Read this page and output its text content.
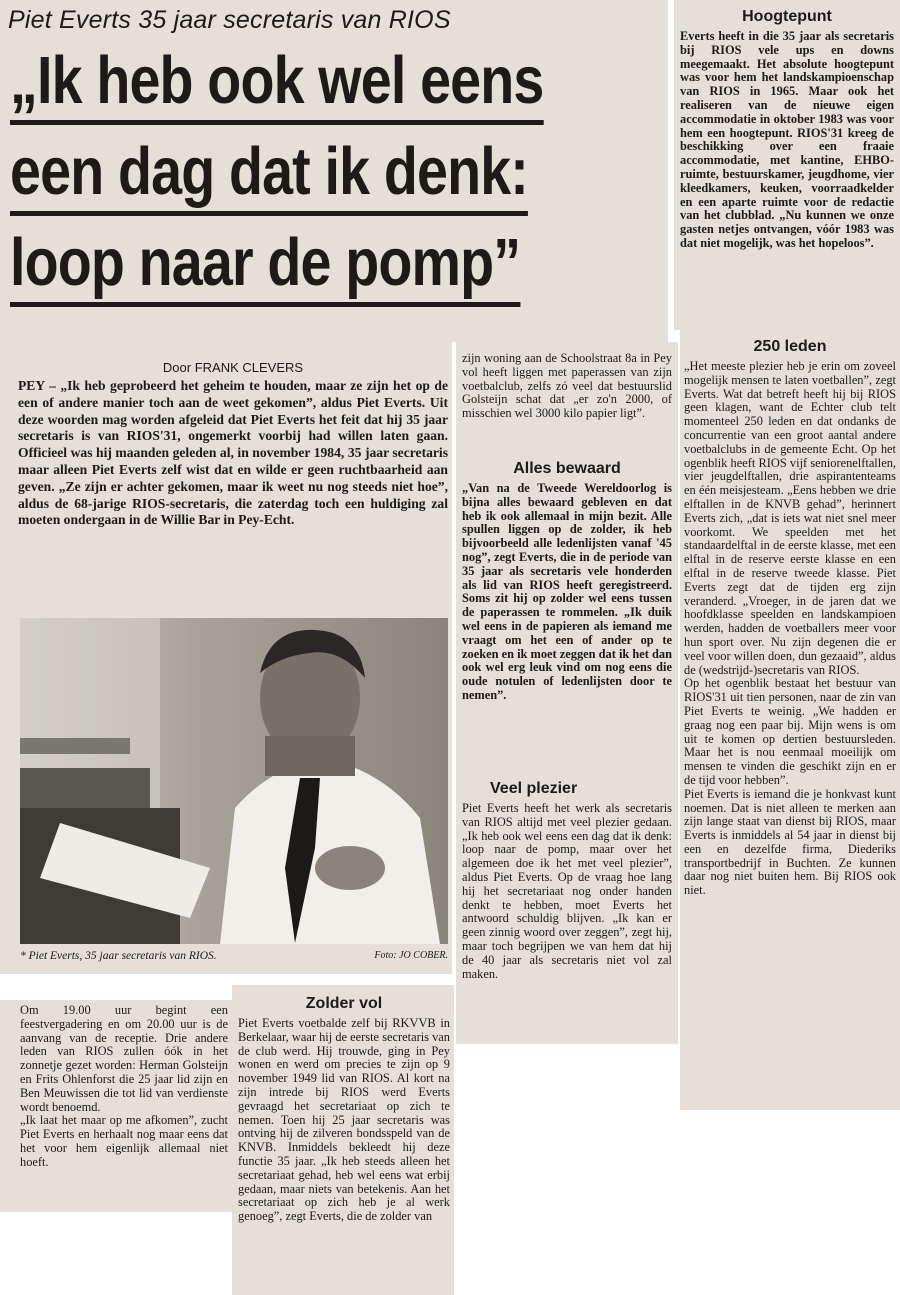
Piet Everts 35 jaar secretaris van RIOS

„Ik heb ook wel eens
een dag dat ik denk:
loop naar de pomp”

Door FRANK CLEVERS

PEY – „Ik heb geprobeerd het geheim te houden, maar ze zijn het op de een of andere manier toch aan de weet gekomen”, aldus Piet Everts. Uit deze woorden mag worden afgeleid dat Piet Everts het feit dat hij 35 jaar secretaris is van RIOS'31, ongemerkt voorbij had willen laten gaan. Officieel was hij maanden geleden al, in november 1984, 35 jaar secretaris maar alleen Piet Everts zelf wist dat en wilde er geen ruchtbaarheid aan geven. „Ze zijn er achter gekomen, maar ik weet nu nog steeds niet hoe”, aldus de 68-jarige RIOS-secretaris, die zaterdag toch een huldiging zal moeten ondergaan in de Willie Bar in Pey-Echt.

* Piet Everts, 35 jaar secretaris van RIOS.	Foto: JO COBER.

Om 19.00 uur begint een feestvergadering en om 20.00 uur is de aanvang van de receptie. Drie andere leden van RIOS zullen óók in het zonnetje gezet worden: Herman Golsteijn en Frits Ohlenforst die 25 jaar lid zijn en Ben Meuwissen die tot lid van verdienste wordt benoemd.

„Ik laat het maar op me afkomen”, zucht Piet Everts en herhaalt nog maar eens dat het voor hem eigenlijk allemaal niet hoeft.

Zolder vol

Piet Everts voetbalde zelf bij RKVVB in Berkelaar, waar hij de eerste secretaris van de club werd. Hij trouwde, ging in Pey wonen en werd om precies te zijn op 9 november 1949 lid van RIOS. Al kort na zijn intrede bij RIOS werd Everts gevraagd het secretariaat op zich te nemen. Toen hij 25 jaar secretaris was ontving hij de zilveren bondsspeld van de KNVB. Inmiddels bekleedt hij deze functie 35 jaar. „Ik heb steeds alleen het secretariaat gehad, heb wel eens wat erbij gedaan, maar niets van betekenis. Aan het secretariaat op zich heb je al werk genoeg”, zegt Everts, die de zolder van

zijn woning aan de Schoolstraat 8a in Pey vol heeft liggen met paperassen van zijn voetbalclub, zelfs zó veel dat bestuurslid Golsteijn schat dat „er zo'n 2000, of misschien wel 3000 kilo papier ligt”.

Alles bewaard

„Van na de Tweede Wereldoorlog is bijna alles bewaard gebleven en dat heb ik ook allemaal in mijn bezit. Alle spullen liggen op de zolder, ik heb bijvoorbeeld alle ledenlijsten vanaf '45 nog”, zegt Everts, die in de periode van 35 jaar als secretaris vele honderden als lid van RIOS heeft geregistreerd. Soms zit hij op zolder wel eens tussen de paperassen te rommelen. „Ik duik wel eens in de papieren als iemand me vraagt om het een of ander op te zoeken en ik moet zeggen dat ik het dan ook wel erg leuk vind om nog eens die oude notulen of ledenlijsten door te nemen”.

Veel plezier

Piet Everts heeft het werk als secretaris van RIOS altijd met veel plezier gedaan. „Ik heb ook wel eens een dag dat ik denk: loop naar de pomp, maar over het algemeen doe ik het met veel plezier”, aldus Piet Everts. Op de vraag hoe lang hij het secretariaat nog onder handen denkt te hebben, moet Everts het antwoord schuldig blijven. „Ik kan er geen zinnig woord over zeggen”, zegt hij, maar toch begrijpen we van hem dat hij de 40 jaar als secretaris niet vol zal maken.

Hoogtepunt

Everts heeft in die 35 jaar als secretaris bij RIOS vele ups en downs meegemaakt. Het absolute hoogtepunt was voor hem het landskampioenschap van RIOS in 1965. Maar ook het realiseren van de nieuwe eigen accommodatie in oktober 1983 was voor hem een hoogtepunt. RIOS'31 kreeg de beschikking over een fraaie accommodatie, met kantine, EHBO-ruimte, bestuurskamer, jeugdhome, vier kleedkamers, keuken, voorraadkelder en een aparte ruimte voor de redactie van het clubblad. „Nu kunnen we onze gasten netjes ontvangen, vóór 1983 was dat niet mogelijk, was het hopeloos”.

250 leden

„Het meeste plezier heb je erin om zoveel mogelijk mensen te laten voetballen”, zegt Everts. Wat dat betreft heeft hij bij RIOS geen klagen, want de Echter club telt momenteel 250 leden en dat ondanks de concurrentie van een groot aantal andere voetbalclubs in de gemeente Echt. Op het ogenblik heeft RIOS vijf seniorenelftallen, vier jeugdelftallen, drie aspirantenteams en één meisjesteam. „Eens hebben we drie elftallen in de KNVB gehad”, herinnert Everts zich, „dat is iets wat niet snel meer voorkomt. We speelden met het standaardelftal in de eerste klasse, met een elftal in de reserve eerste klasse en een elftal in de reserve tweede klasse. Piet Everts zegt dat de tijden erg zijn veranderd. „Vroeger, in de jaren dat we hoofdklasse speelden en landskampioen werden, hadden de voetballers meer voor hun sport over. Nu zijn degenen die er veel voor willen doen, dun gezaaid”, aldus de (wedstrijd-)secretaris van RIOS.

Op het ogenblik bestaat het bestuur van RIOS'31 uit tien personen, naar de zin van Piet Everts te weinig. „We hadden er graag nog een paar bij. Mijn wens is om uit te komen op dertien bestuursleden. Maar het is nou eenmaal moeilijk om mensen te vinden die geschikt zijn en er de tijd voor hebben”.

Piet Everts is iemand die je honkvast kunt noemen. Dat is niet alleen te merken aan zijn lange staat van dienst bij RIOS, maar Everts is inmiddels al 54 jaar in dienst bij een en dezelfde firma, Diederiks transportbedrijf in Buchten. Ze kunnen daar nog niet buiten hem. Bij RIOS ook niet.
